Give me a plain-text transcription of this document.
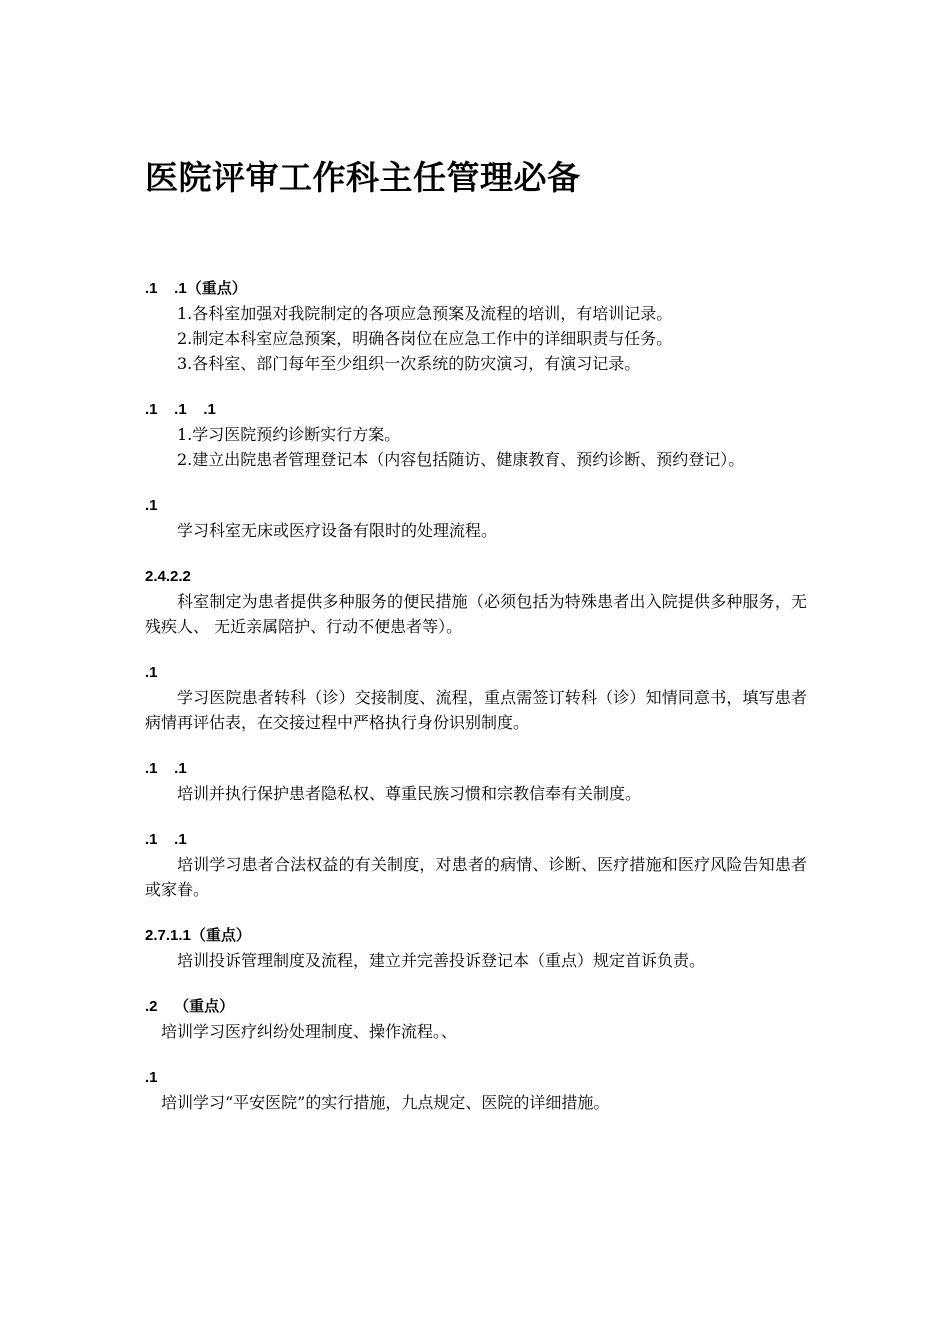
医院评审工作科主任管理必备
.1    .1（重点）

1.各科室加强对我院制定的各项应急预案及流程的培训，有培训记录。

2.制定本科室应急预案，明确各岗位在应急工作中的详细职责与任务。

3.各科室、部门每年至少组织一次系统的防灾演习，有演习记录。

.1    .1    .1

1.学习医院预约诊断实行方案。

2.建立出院患者管理登记本（内容包括随访、健康教育、预约诊断、预约登记）。

.1

学习科室无床或医疗设备有限时的处理流程。

2.4.2.2

科室制定为患者提供多种服务的便民措施（必须包括为特殊患者出入院提供多种服务，无残疾人、 无近亲属陪护、行动不便患者等）。

.1

学习医院患者转科（诊）交接制度、流程，重点需签订转科（诊）知情同意书，填写患者病情再评估表，在交接过程中严格执行身份识别制度。

.1    .1

培训并执行保护患者隐私权、尊重民族习惯和宗教信奉有关制度。

.1    .1

培训学习患者合法权益的有关制度，对患者的病情、诊断、医疗措施和医疗风险告知患者或家眷。

2.7.1.1（重点）

培训投诉管理制度及流程，建立并完善投诉登记本（重点）规定首诉负责。

.2    （重点）

培训学习医疗纠纷处理制度、操作流程。、

.1

培训学习“平安医院”的实行措施，九点规定、医院的详细措施。
